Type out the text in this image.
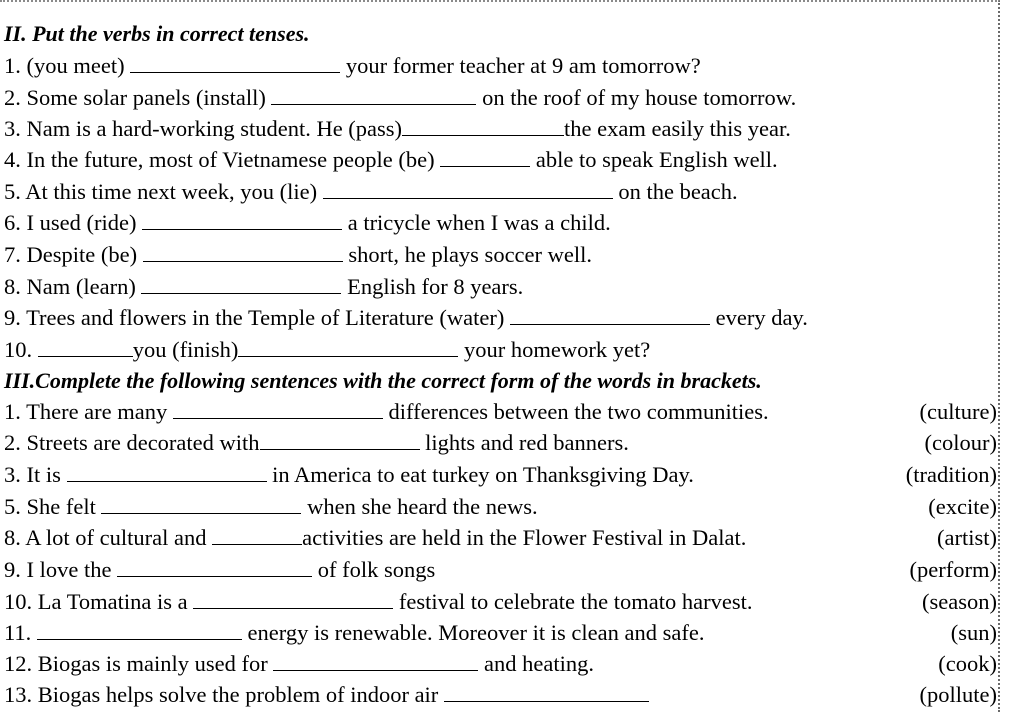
II. Put the verbs in correct tenses.
1. (you meet)	your former teacher at 9 am tomorrow?
2. Some solar panels (install)	on the roof of my house tomorrow.
3. Nam is a hard-working student. He (pass)	the exam easily this year.
4. In the future, most of Vietnamese people (be)	able to speak English well.
5. At this time next week, you (lie)	on the beach.
6. I used (ride)	a tricycle when I was a child.
7. Despite (be)	short, he plays soccer well.
8. Nam (learn)	English for 8 years.
9. Trees and flowers in the Temple of Literature (water)	every day.
10.	you (finish)	your homework yet?
III.Complete the following sentences with the correct form of the words in brackets.
1. There are many	differences between the two communities.	(culture)
2. Streets are decorated with	lights and red banners.	(colour)
3. It is	in America to eat turkey on Thanksgiving Day.	(tradition)
5. She felt	when she heard the news.	(excite)
8. A lot of cultural and	activities are held in the Flower Festival in Dalat.	(artist)
9. I love the	of folk songs	(perform)
10. La Tomatina is a	festival to celebrate the tomato harvest.	(season)
11.	energy is renewable. Moreover it is clean and safe.	(sun)
12. Biogas is mainly used for	and heating.	(cook)
13. Biogas helps solve the problem of indoor air	(pollute)
